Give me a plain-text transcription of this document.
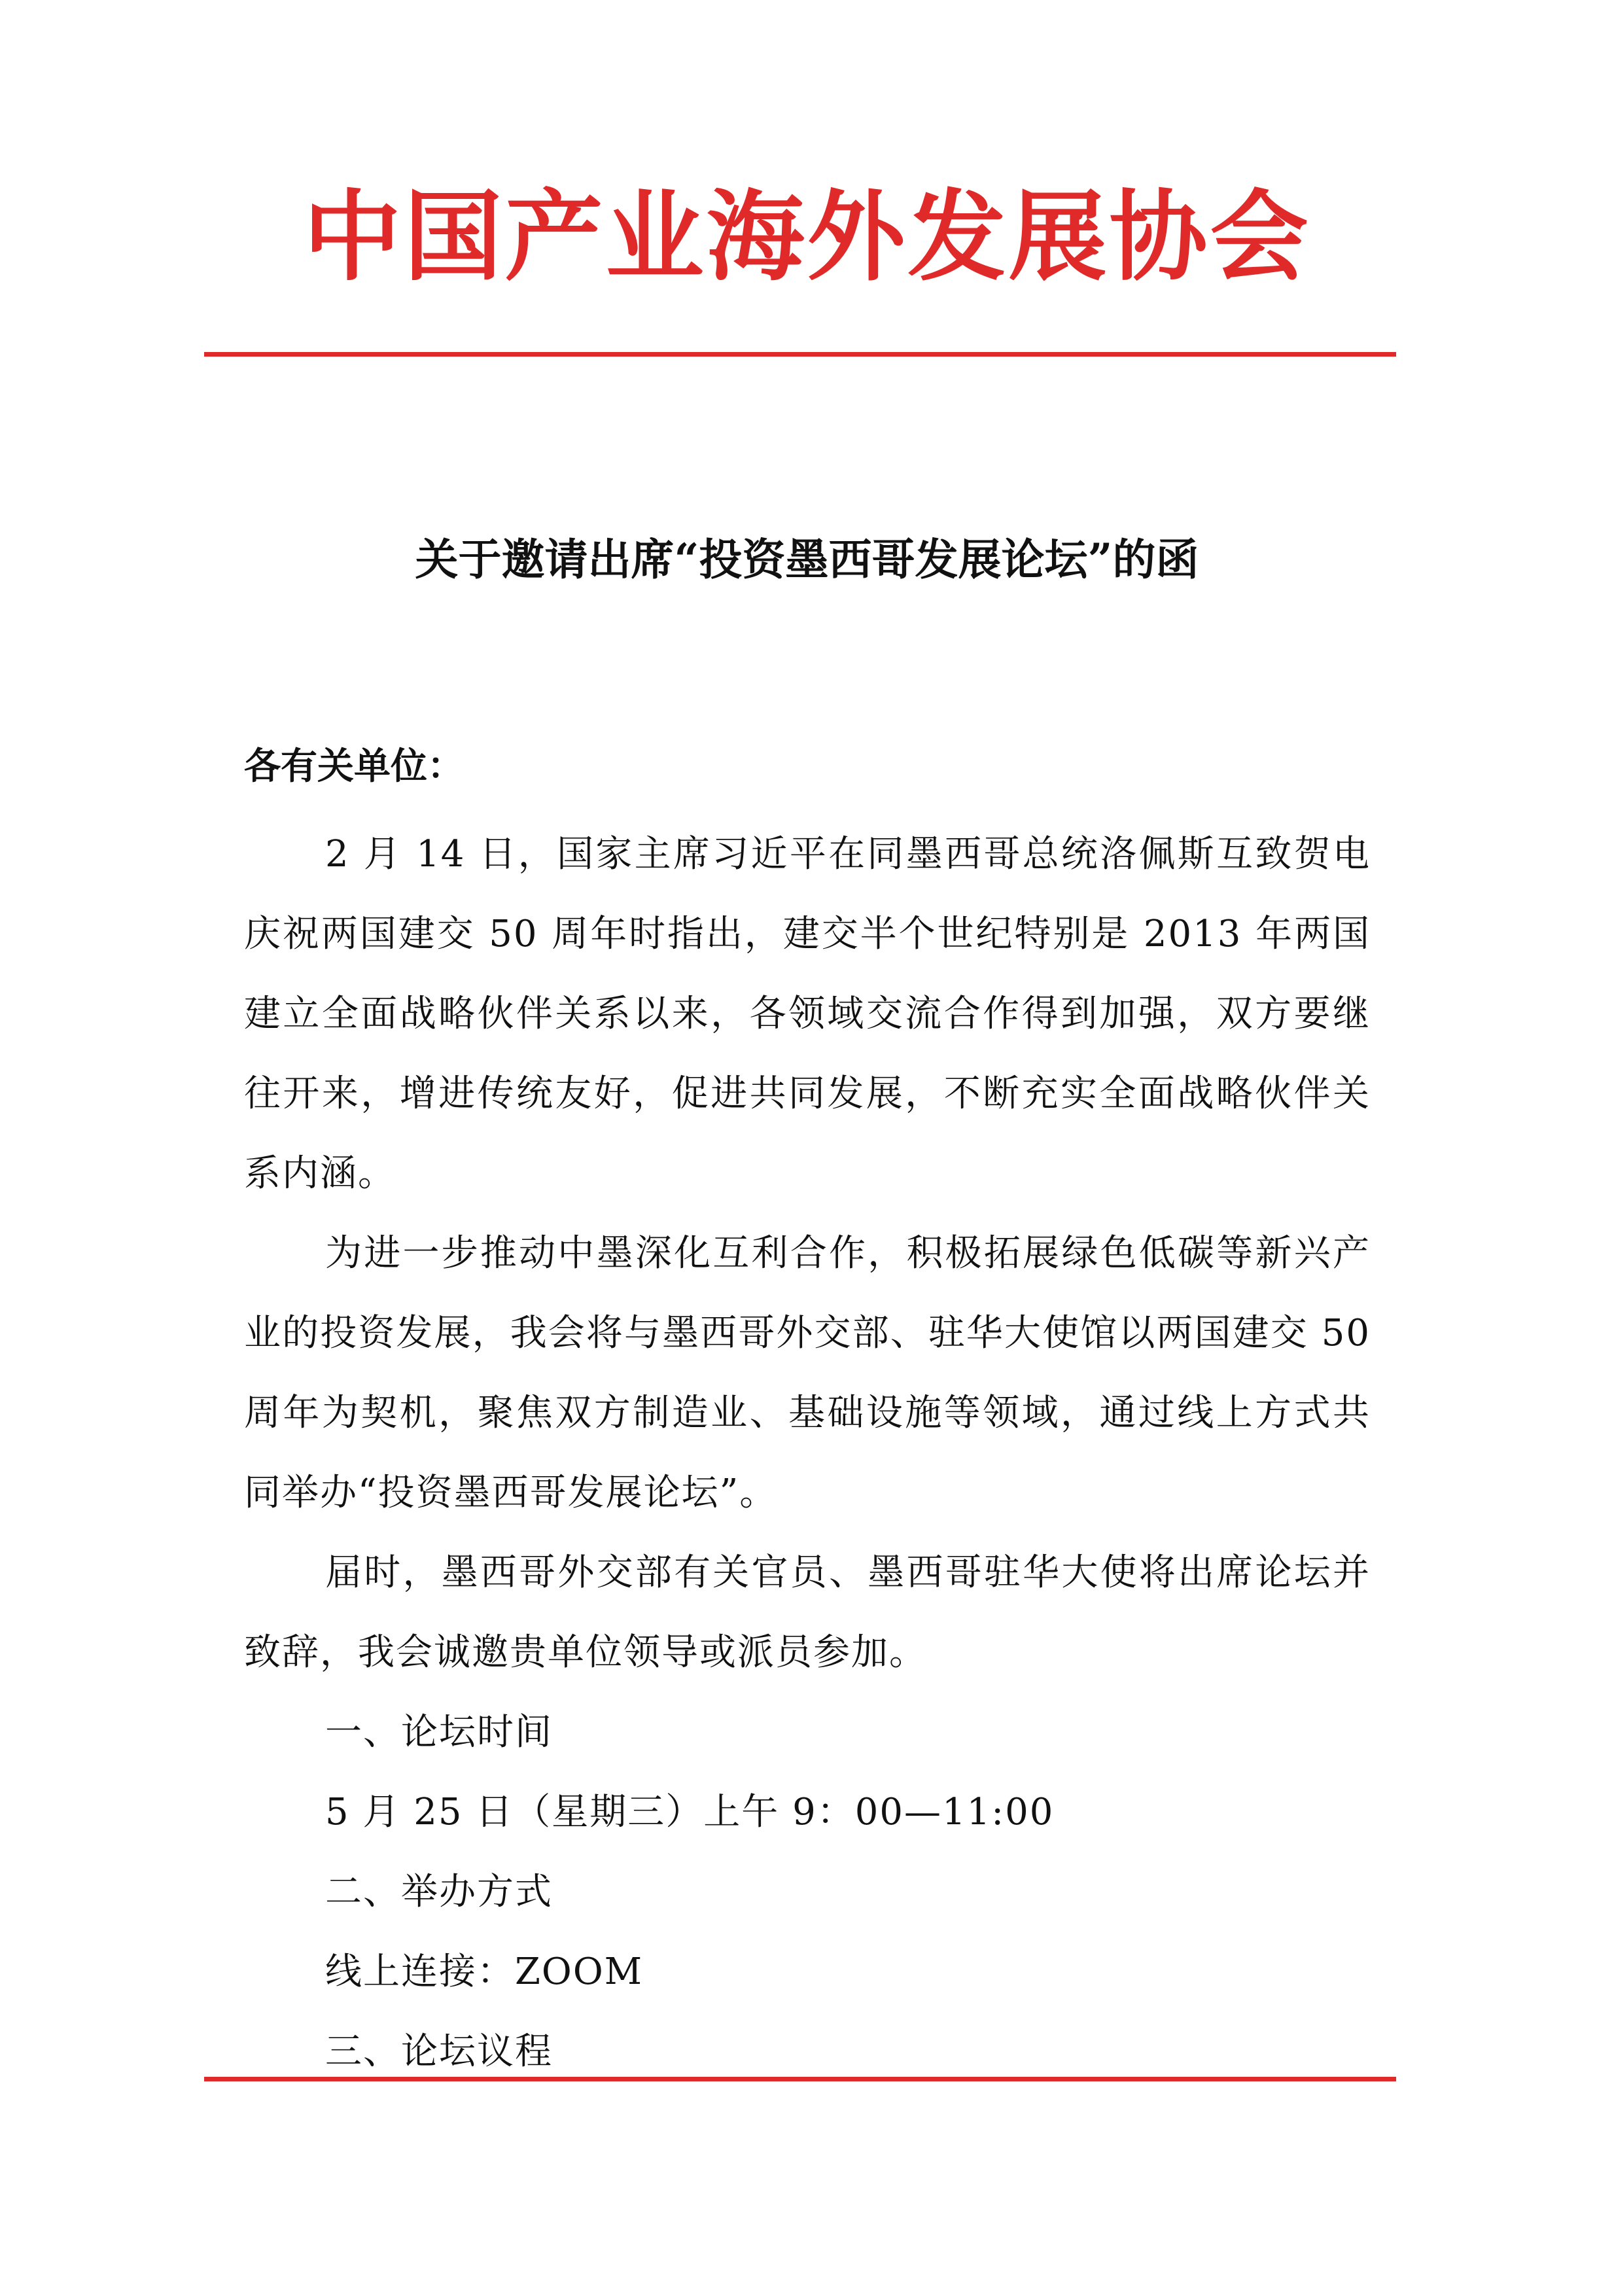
中国产业海外发展协会
关于邀请出席“投资墨西哥发展论坛”的函
各有关单位：

2 月 14 日，国家主席习近平在同墨西哥总统洛佩斯互致贺电庆祝两国建交 50 周年时指出，建交半个世纪特别是 2013 年两国建立全面战略伙伴关系以来，各领域交流合作得到加强，双方要继往开来，增进传统友好，促进共同发展，不断充实全面战略伙伴关系内涵。

为进一步推动中墨深化互利合作，积极拓展绿色低碳等新兴产业的投资发展，我会将与墨西哥外交部、驻华大使馆以两国建交 50 周年为契机，聚焦双方制造业、基础设施等领域，通过线上方式共同举办“投资墨西哥发展论坛”。

届时，墨西哥外交部有关官员、墨西哥驻华大使将出席论坛并致辞，我会诚邀贵单位领导或派员参加。

一、论坛时间

5 月 25 日（星期三）上午 9：00—11:00

二、举办方式

线上连接：ZOOM

三、论坛议程
